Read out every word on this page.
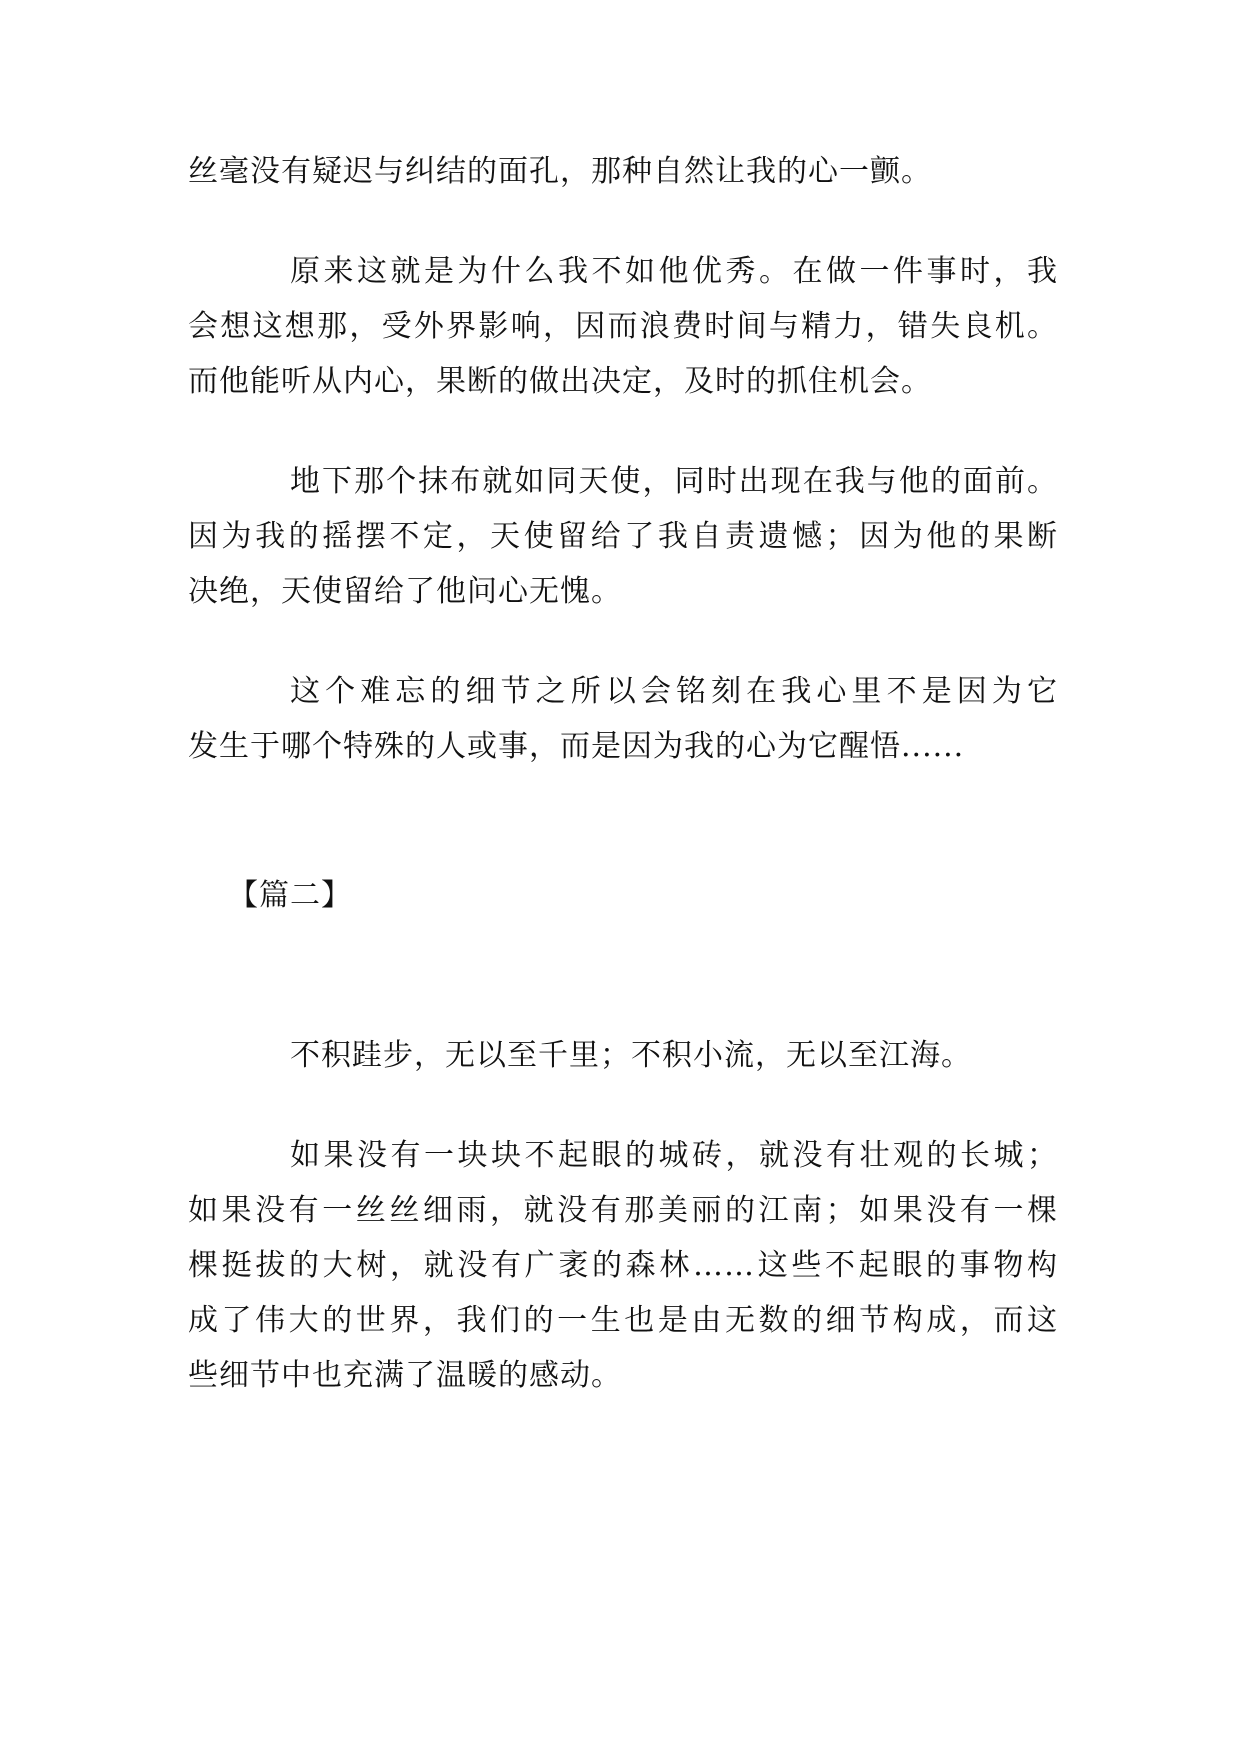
丝毫没有疑迟与纠结的面孔，那种自然让我的心一颤。
原来这就是为什么我不如他优秀。在做一件事时，我
会想这想那，受外界影响，因而浪费时间与精力，错失良机。
而他能听从内心，果断的做出决定，及时的抓住机会。
地下那个抹布就如同天使，同时出现在我与他的面前。
因为我的摇摆不定，天使留给了我自责遗憾；因为他的果断
决绝，天使留给了他问心无愧。
这个难忘的细节之所以会铭刻在我心里不是因为它
发生于哪个特殊的人或事，而是因为我的心为它醒悟......
【篇二】
不积跬步，无以至千里；不积小流，无以至江海。
如果没有一块块不起眼的城砖，就没有壮观的长城；
如果没有一丝丝细雨，就没有那美丽的江南；如果没有一棵
棵挺拔的大树，就没有广袤的森林……这些不起眼的事物构
成了伟大的世界，我们的一生也是由无数的细节构成，而这
些细节中也充满了温暖的感动。
